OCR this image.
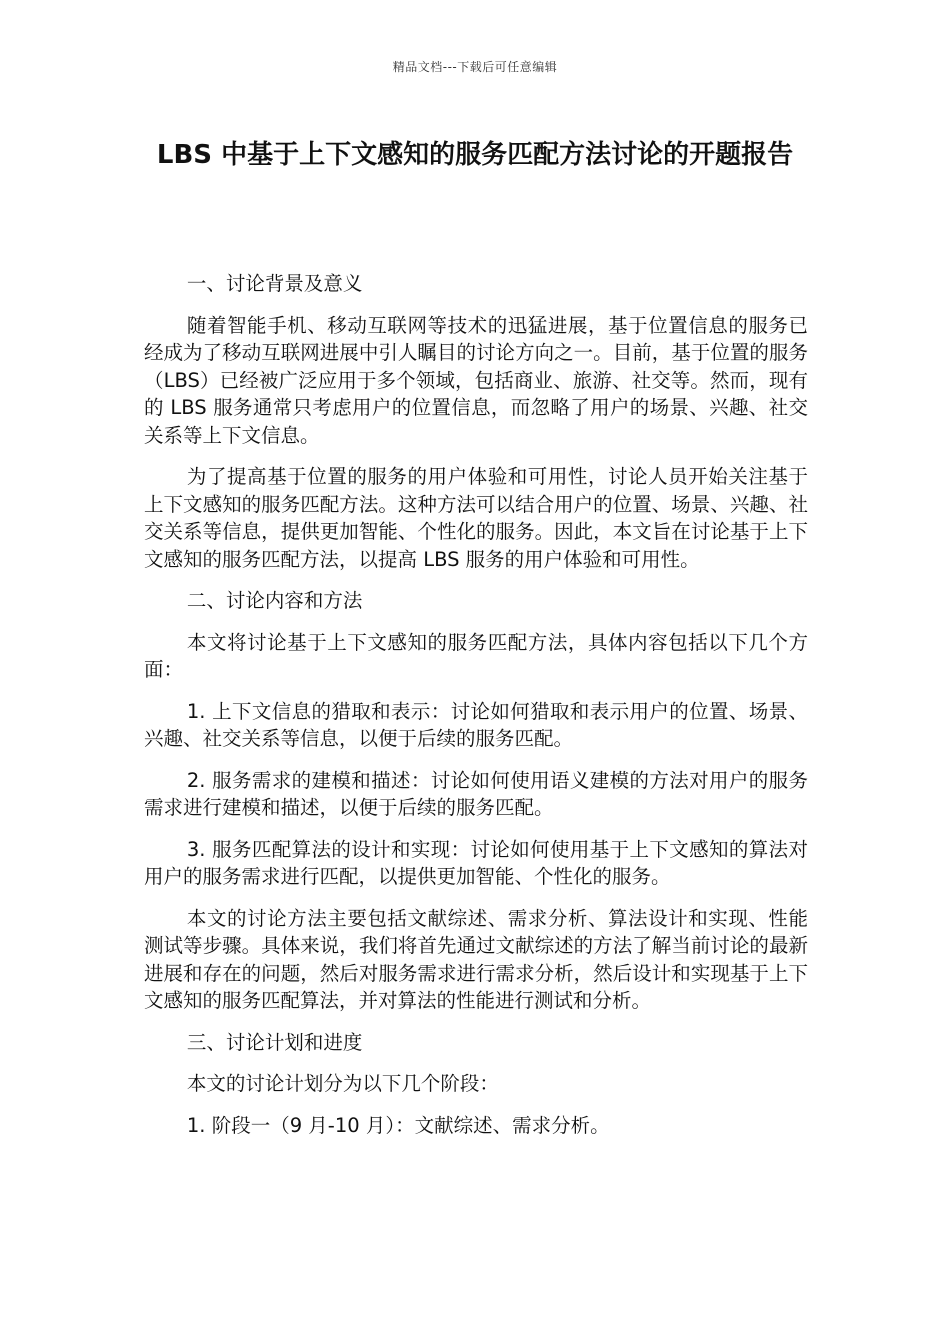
精品文档---下载后可任意编辑
LBS 中基于上下文感知的服务匹配方法讨论的开题报告

一、讨论背景及意义

随着智能手机、移动互联网等技术的迅猛进展，基于位置信息的服务已经成为了移动互联网进展中引人瞩目的讨论方向之一。目前，基于位置的服务（LBS）已经被广泛应用于多个领域，包括商业、旅游、社交等。然而，现有的 LBS 服务通常只考虑用户的位置信息，而忽略了用户的场景、兴趣、社交关系等上下文信息。

为了提高基于位置的服务的用户体验和可用性，讨论人员开始关注基于上下文感知的服务匹配方法。这种方法可以结合用户的位置、场景、兴趣、社交关系等信息，提供更加智能、个性化的服务。因此，本文旨在讨论基于上下文感知的服务匹配方法，以提高 LBS 服务的用户体验和可用性。

二、讨论内容和方法

本文将讨论基于上下文感知的服务匹配方法，具体内容包括以下几个方面：

1. 上下文信息的猎取和表示：讨论如何猎取和表示用户的位置、场景、兴趣、社交关系等信息，以便于后续的服务匹配。

2. 服务需求的建模和描述：讨论如何使用语义建模的方法对用户的服务需求进行建模和描述，以便于后续的服务匹配。

3. 服务匹配算法的设计和实现：讨论如何使用基于上下文感知的算法对用户的服务需求进行匹配，以提供更加智能、个性化的服务。

本文的讨论方法主要包括文献综述、需求分析、算法设计和实现、性能测试等步骤。具体来说，我们将首先通过文献综述的方法了解当前讨论的最新进展和存在的问题，然后对服务需求进行需求分析，然后设计和实现基于上下文感知的服务匹配算法，并对算法的性能进行测试和分析。

三、讨论计划和进度

本文的讨论计划分为以下几个阶段：

1. 阶段一（9 月-10 月）：文献综述、需求分析。
